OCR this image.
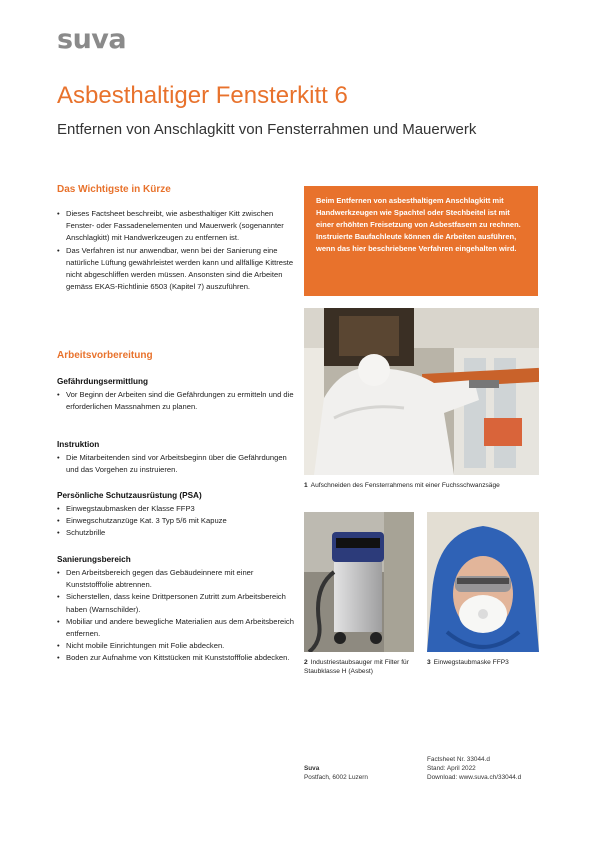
suva
Asbesthaltiger Fensterkitt 6
Entfernen von Anschlagkitt von Fensterrahmen und Mauerwerk
Das Wichtigste in Kürze
• Dieses Factsheet beschreibt, wie asbesthaltiger Kitt zwischen Fenster- oder Fassadenelementen und Mauerwerk (sogenannter Anschlagkitt) mit Handwerkzeugen zu entfernen ist.
• Das Verfahren ist nur anwendbar, wenn bei der Sanierung eine natürliche Lüftung gewährleistet werden kann und allfällige Kittreste nicht abgeschliffen werden müssen. Ansonsten sind die Arbeiten gemäss EKAS-Richtlinie 6503 (Kapitel 7) auszuführen.
Arbeitsvorbereitung
Gefährdungsermittlung
• Vor Beginn der Arbeiten sind die Gefährdungen zu ermitteln und die erforderlichen Massnahmen zu planen.
Instruktion
• Die Mitarbeitenden sind vor Arbeitsbeginn über die Gefährdungen und das Vorgehen zu instruieren.
Persönliche Schutzausrüstung (PSA)
• Einwegstaubmasken der Klasse FFP3
• Einwegschutzanzüge Kat. 3 Typ 5/6 mit Kapuze
• Schutzbrille
Sanierungsbereich
• Den Arbeitsbereich gegen das Gebäudeinnere mit einer Kunststofffolie abtrennen.
• Sicherstellen, dass keine Drittpersonen Zutritt zum Arbeitsbereich haben (Warnschilder).
• Mobiliar und andere bewegliche Materialien aus dem Arbeitsbereich entfernen.
• Nicht mobile Einrichtungen mit Folie abdecken.
• Boden zur Aufnahme von Kittstücken mit Kunststofffolie abdecken.
Beim Entfernen von asbesthaltigem Anschlagkitt mit Handwerkzeugen wie Spachtel oder Stechbeitel ist mit einer erhöhten Freisetzung von Asbestfasern zu rechnen. Instruierte Baufachleute können die Arbeiten ausführen, wenn das hier beschriebene Verfahren eingehalten wird.
1 Aufschneiden des Fensterrahmens mit einer Fuchsschwanzsäge
2 Industriestaubsauger mit Filter für Staubklasse H (Asbest)
3 Einwegstaubmaske FFP3
Suva
Postfach, 6002 Luzern
Factsheet Nr. 33044.d
Stand: April 2022
Download: www.suva.ch/33044.d
